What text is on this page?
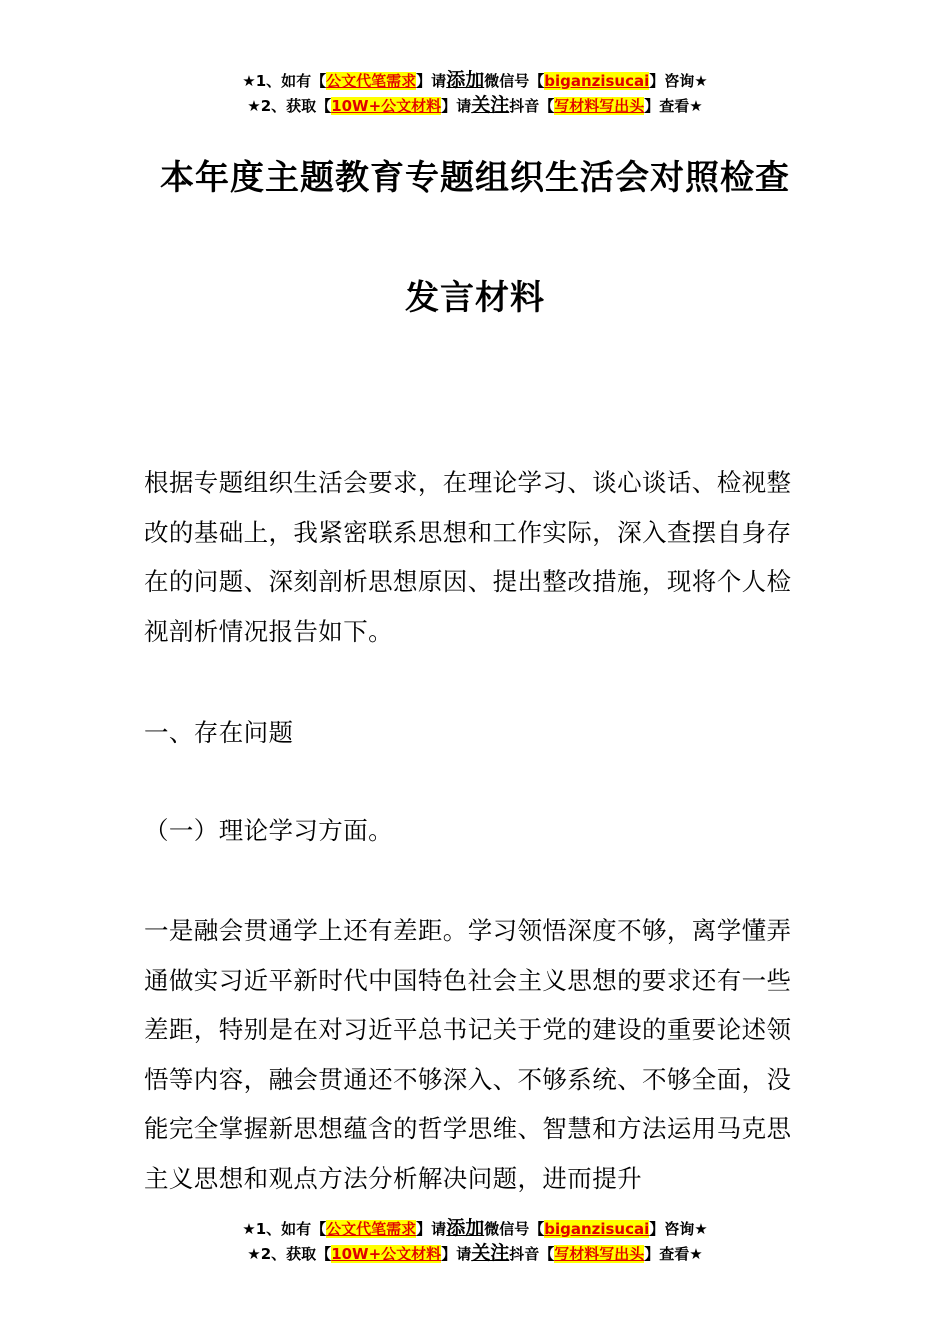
★1、如有【公文代笔需求】请添加微信号【biganzisucai】咨询★
★2、获取【10W+公文材料】请关注抖音【写材料写出头】查看★
本年度主题教育专题组织生活会对照检查
发言材料

根据专题组织生活会要求，在理论学习、谈心谈话、检视整改的基础上，我紧密联系思想和工作实际，深入查摆自身存在的问题、深刻剖析思想原因、提出整改措施，现将个人检视剖析情况报告如下。

一、存在问题
（一）理论学习方面。

一是融会贯通学上还有差距。学习领悟深度不够，离学懂弄通做实习近平新时代中国特色社会主义思想的要求还有一些差距，特别是在对习近平总书记关于党的建设的重要论述领悟等内容，融会贯通还不够深入、不够系统、不够全面，没能完全掌握新思想蕴含的哲学思维、智慧和方法运用马克思主义思想和观点方法分析解决问题，进而提升

★1、如有【公文代笔需求】请添加微信号【biganzisucai】咨询★
★2、获取【10W+公文材料】请关注抖音【写材料写出头】查看★
